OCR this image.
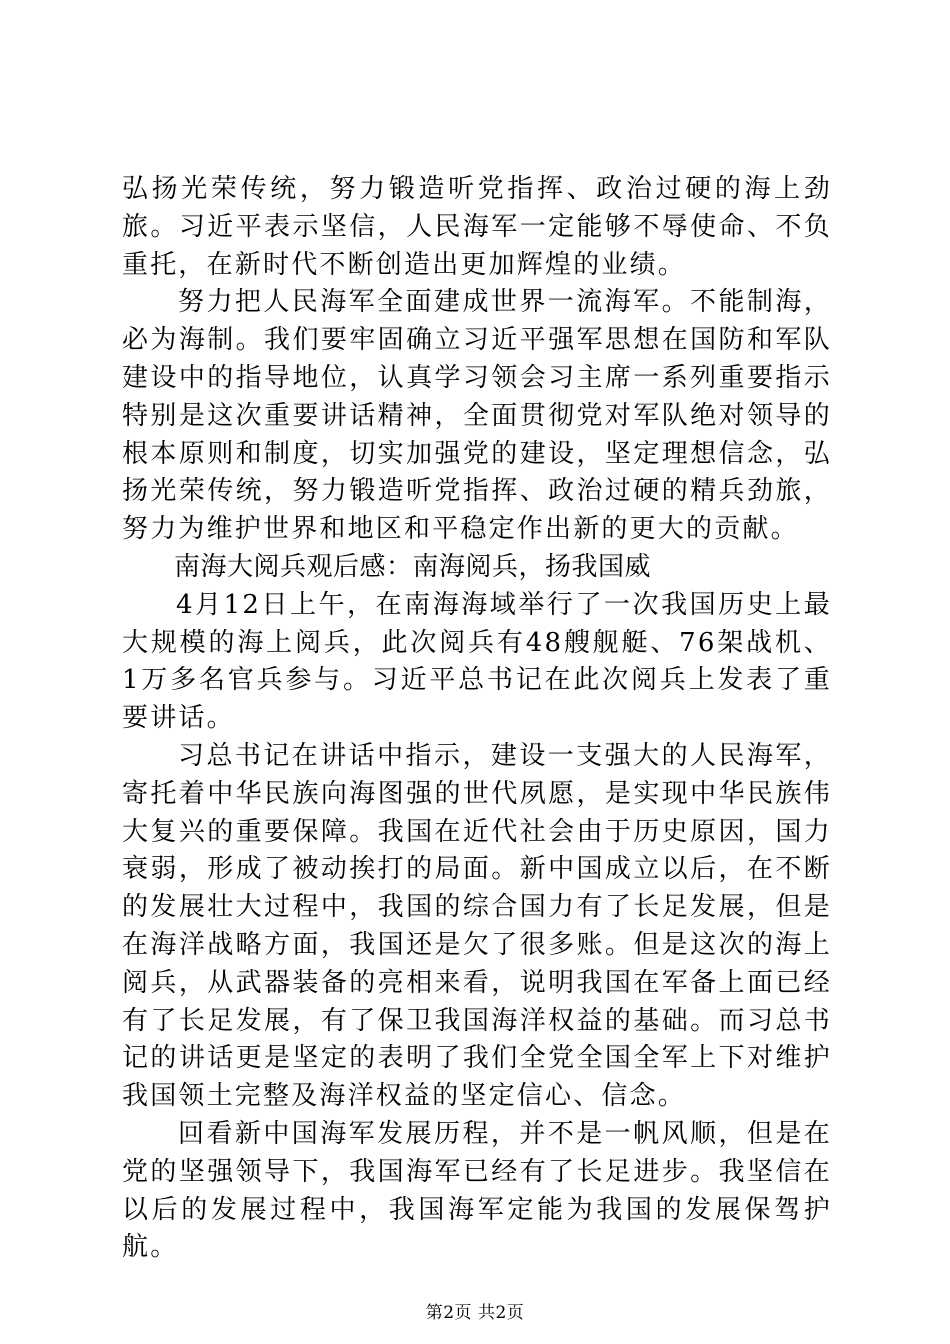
弘扬光荣传统，努力锻造听党指挥、政治过硬的海上劲旅。习近平表示坚信，人民海军一定能够不辱使命、不负重托，在新时代不断创造出更加辉煌的业绩。

努力把人民海军全面建成世界一流海军。不能制海，必为海制。我们要牢固确立习近平强军思想在国防和军队建设中的指导地位，认真学习领会习主席一系列重要指示特别是这次重要讲话精神，全面贯彻党对军队绝对领导的根本原则和制度，切实加强党的建设，坚定理想信念，弘扬光荣传统，努力锻造听党指挥、政治过硬的精兵劲旅，努力为维护世界和地区和平稳定作出新的更大的贡献。

南海大阅兵观后感：南海阅兵，扬我国威

4月12日上午，在南海海域举行了一次我国历史上最大规模的海上阅兵，此次阅兵有48艘舰艇、76架战机、1万多名官兵参与。习近平总书记在此次阅兵上发表了重要讲话。

习总书记在讲话中指示，建设一支强大的人民海军，寄托着中华民族向海图强的世代夙愿，是实现中华民族伟大复兴的重要保障。我国在近代社会由于历史原因，国力衰弱，形成了被动挨打的局面。新中国成立以后，在不断的发展壮大过程中，我国的综合国力有了长足发展，但是在海洋战略方面，我国还是欠了很多账。但是这次的海上阅兵，从武器装备的亮相来看，说明我国在军备上面已经有了长足发展，有了保卫我国海洋权益的基础。而习总书记的讲话更是坚定的表明了我们全党全国全军上下对维护我国领土完整及海洋权益的坚定信心、信念。

回看新中国海军发展历程，并不是一帆风顺，但是在党的坚强领导下，我国海军已经有了长足进步。我坚信在以后的发展过程中，我国海军定能为我国的发展保驾护航。

第2页 共2页
